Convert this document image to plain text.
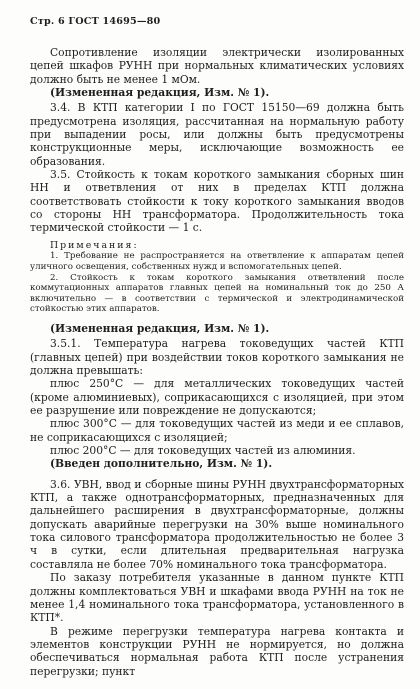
Стр. 6 ГОСТ 14695—80

Сопротивление изоляции электрически изолированных цепей шкафов РУНН при нормальных климатических условиях должно быть не менее 1 мОм.

(Измененная редакция, Изм. № 1).

3.4. В КТП категории I по ГОСТ 15150—69 должна быть предусмотрена изоляция, рассчитанная на нормальную работу при выпадении росы, или должны быть предусмотрены конструкционные меры, исключающие возможность ее образования.

3.5. Стойкость к токам короткого замыкания сборных шин НН и ответвления от них в пределах КТП должна соответствовать стойкости к току короткого замыкания вводов со стороны НН трансформатора. Продолжительность тока термической стойкости — 1 с.

Примечания:

1. Требование не распространяется на ответвление к аппаратам цепей уличного освещения, собственных нужд и вспомогательных цепей.

2. Стойкость к токам короткого замыкания ответвлений после коммутационных аппаратов главных цепей на номинальный ток до 250 А включительно — в соответствии с термической и электродинамической стойкостью этих аппаратов.

(Измененная редакция, Изм. № 1).

3.5.1. Температура нагрева токоведущих частей КТП (главных цепей) при воздействии токов короткого замыкания не должна превышать:

плюс 250°С — для металлических токоведущих частей (кроме алюминиевых), соприкасающихся с изоляцией, при этом ее разрушение или повреждение не допускаются;

плюс 300°С — для токоведущих частей из меди и ее сплавов, не соприкасающихся с изоляцией;

плюс 200°С — для токоведущих частей из алюминия.

(Введен дополнительно, Изм. № 1).

3.6. УВН, ввод и сборные шины РУНН двухтрансформаторных КТП, а также однотрансформаторных, предназначенных для дальнейшего расширения в двухтрансформаторные, должны допускать аварийные перегрузки на 30% выше номинального тока силового трансформатора продолжительностью не более 3 ч в сутки, если длительная предварительная нагрузка составляла не более 70% номинального тока трансформатора.

По заказу потребителя указанные в данном пункте КТП должны комплектоваться УВН и шкафами ввода РУНН на ток не менее 1,4 номинального тока трансформатора, установленного в КТП*.

В режиме перегрузки температура нагрева контакта и элементов конструкции РУНН не нормируется, но должна обеспечиваться нормальная работа КТП после устранения перегрузки; пункт
